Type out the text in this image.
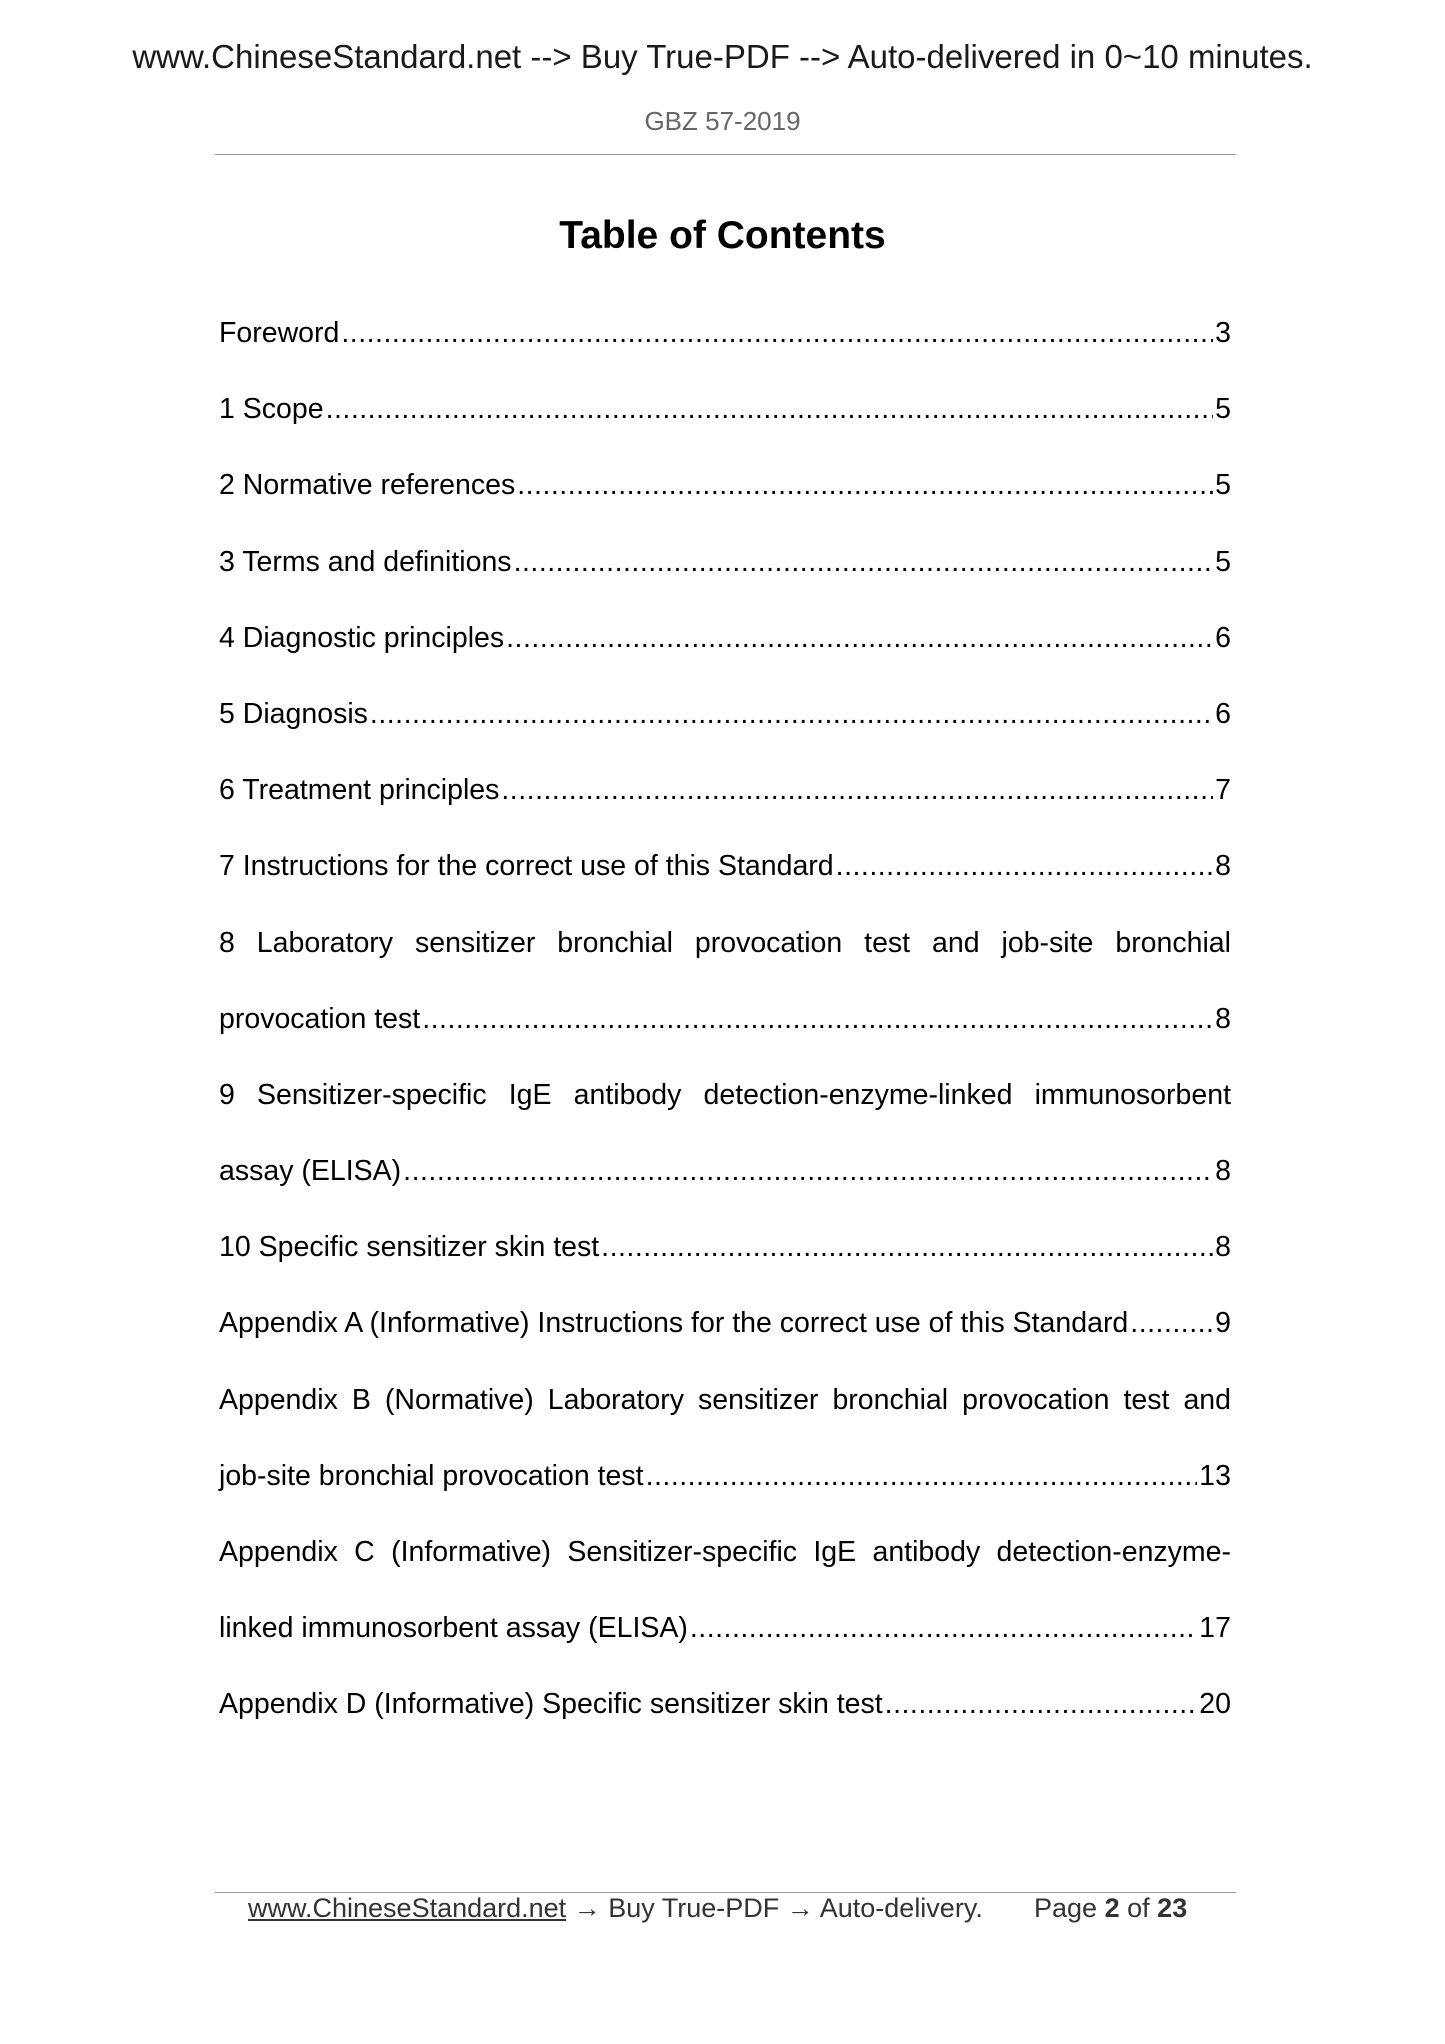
www.ChineseStandard.net --> Buy True-PDF --> Auto-delivered in 0~10 minutes.
GBZ 57-2019
Table of Contents
Foreword .....	3
1 Scope .....	5
2 Normative references .....	5
3 Terms and definitions .....	5
4 Diagnostic principles .....	6
5 Diagnosis .....	6
6 Treatment principles .....	7
7 Instructions for the correct use of this Standard .....	8
8 Laboratory sensitizer bronchial provocation test and job-site bronchial
provocation test .....	8
9 Sensitizer-specific IgE antibody detection-enzyme-linked immunosorbent
assay (ELISA) .....	8
10 Specific sensitizer skin test .....	8
Appendix A (Informative) Instructions for the correct use of this Standard .....	9
Appendix B (Normative) Laboratory sensitizer bronchial provocation test and
job-site bronchial provocation test .....	13
Appendix C (Informative) Sensitizer-specific IgE antibody detection-enzyme-
linked immunosorbent assay (ELISA) .....	17
Appendix D (Informative) Specific sensitizer skin test .....	20
www.ChineseStandard.net → Buy True-PDF → Auto-delivery. Page 2 of 23
